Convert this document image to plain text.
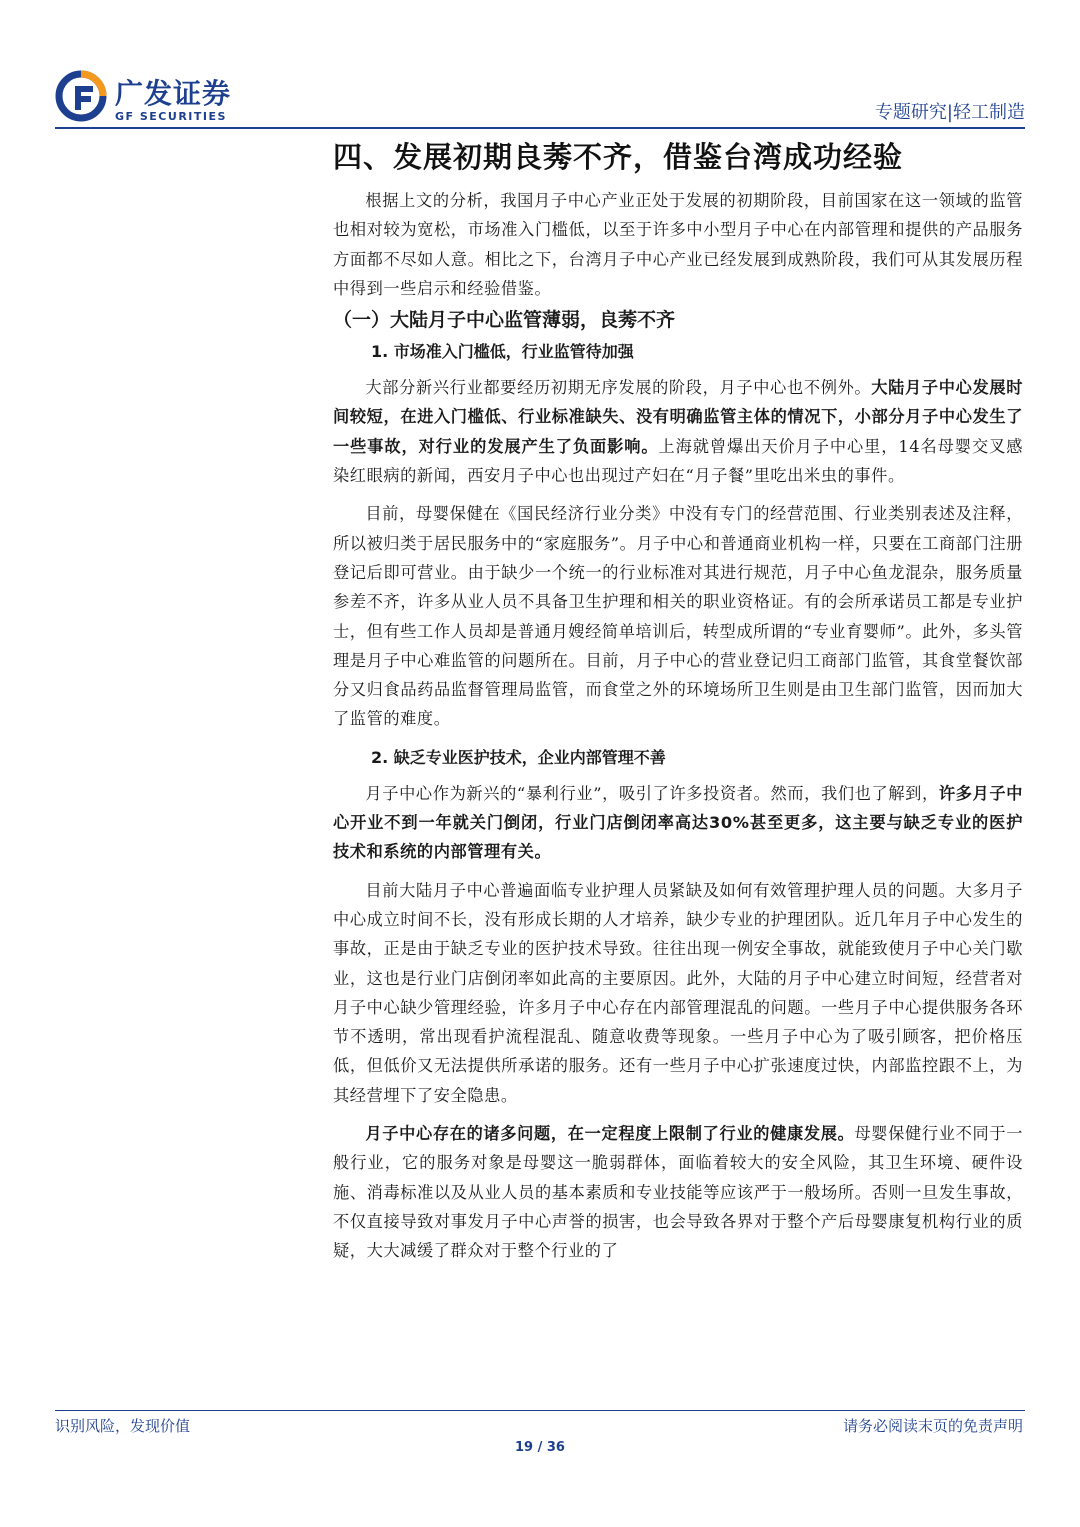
广发证券
GF SECURITIES	专题研究|轻工制造
四、发展初期良莠不齐，借鉴台湾成功经验

根据上文的分析，我国月子中心产业正处于发展的初期阶段，目前国家在这一领域的监管也相对较为宽松，市场准入门槛低，以至于许多中小型月子中心在内部管理和提供的产品服务方面都不尽如人意。相比之下，台湾月子中心产业已经发展到成熟阶段，我们可从其发展历程中得到一些启示和经验借鉴。

（一）大陆月子中心监管薄弱，良莠不齐
1. 市场准入门槛低，行业监管待加强

大部分新兴行业都要经历初期无序发展的阶段，月子中心也不例外。大陆月子中心发展时间较短，在进入门槛低、行业标准缺失、没有明确监管主体的情况下，小部分月子中心发生了一些事故，对行业的发展产生了负面影响。上海就曾爆出天价月子中心里，14名母婴交叉感染红眼病的新闻，西安月子中心也出现过产妇在“月子餐”里吃出米虫的事件。

目前，母婴保健在《国民经济行业分类》中没有专门的经营范围、行业类别表述及注释，所以被归类于居民服务中的“家庭服务”。月子中心和普通商业机构一样，只要在工商部门注册登记后即可营业。由于缺少一个统一的行业标准对其进行规范，月子中心鱼龙混杂，服务质量参差不齐，许多从业人员不具备卫生护理和相关的职业资格证。有的会所承诺员工都是专业护士，但有些工作人员却是普通月嫂经简单培训后，转型成所谓的“专业育婴师”。此外，多头管理是月子中心难监管的问题所在。目前，月子中心的营业登记归工商部门监管，其食堂餐饮部分又归食品药品监督管理局监管，而食堂之外的环境场所卫生则是由卫生部门监管，因而加大了监管的难度。

2. 缺乏专业医护技术，企业内部管理不善

月子中心作为新兴的“暴利行业”，吸引了许多投资者。然而，我们也了解到，许多月子中心开业不到一年就关门倒闭，行业门店倒闭率高达30%甚至更多，这主要与缺乏专业的医护技术和系统的内部管理有关。

目前大陆月子中心普遍面临专业护理人员紧缺及如何有效管理护理人员的问题。大多月子中心成立时间不长，没有形成长期的人才培养，缺少专业的护理团队。近几年月子中心发生的事故，正是由于缺乏专业的医护技术导致。往往出现一例安全事故，就能致使月子中心关门歇业，这也是行业门店倒闭率如此高的主要原因。此外，大陆的月子中心建立时间短，经营者对月子中心缺少管理经验，许多月子中心存在内部管理混乱的问题。一些月子中心提供服务各环节不透明，常出现看护流程混乱、随意收费等现象。一些月子中心为了吸引顾客，把价格压低，但低价又无法提供所承诺的服务。还有一些月子中心扩张速度过快，内部监控跟不上，为其经营埋下了安全隐患。

月子中心存在的诸多问题，在一定程度上限制了行业的健康发展。母婴保健行业不同于一般行业，它的服务对象是母婴这一脆弱群体，面临着较大的安全风险，其卫生环境、硬件设施、消毒标准以及从业人员的基本素质和专业技能等应该严于一般场所。否则一旦发生事故，不仅直接导致对事发月子中心声誉的损害，也会导致各界对于整个产后母婴康复机构行业的质疑，大大减缓了群众对于整个行业的了

识别风险，发现价值	请务必阅读末页的免责声明
19 / 36
